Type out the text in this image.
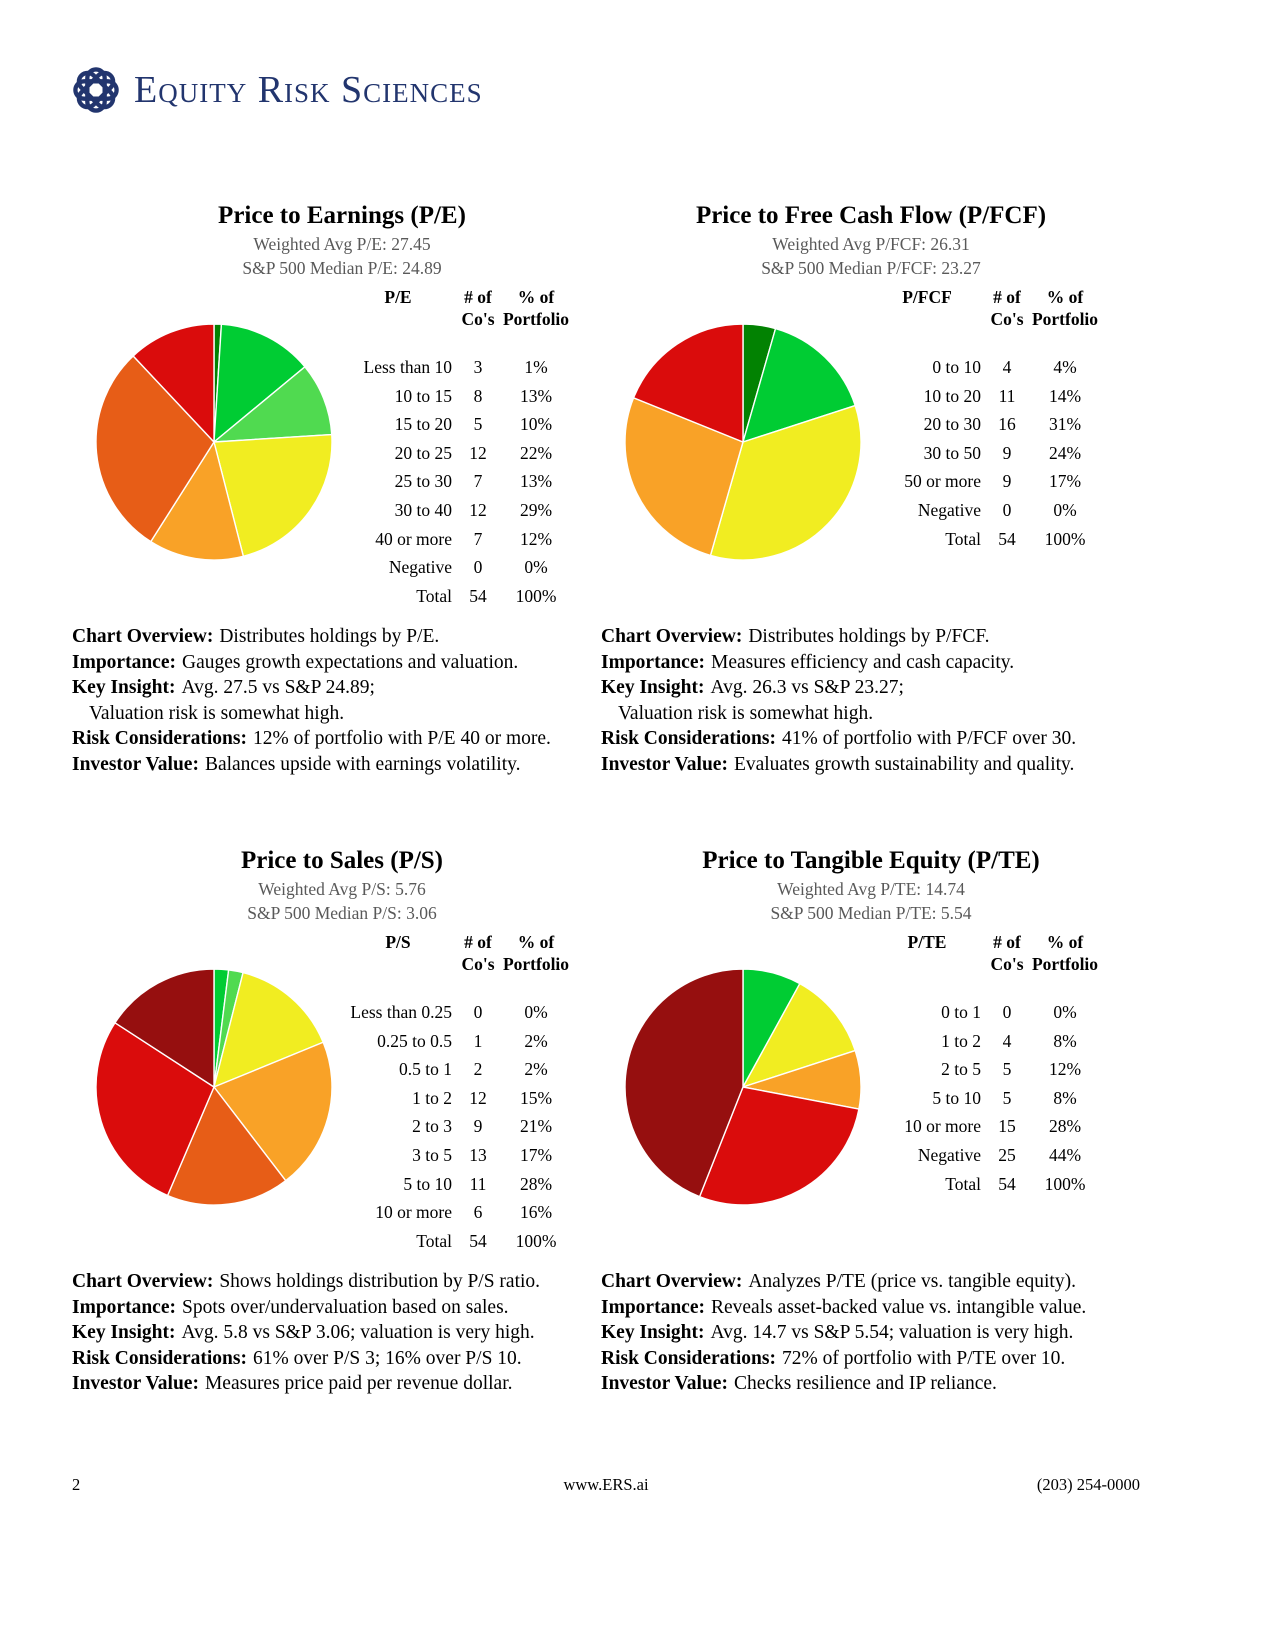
Equity Risk Sciences
Price to Earnings (P/E)
Weighted Avg P/E: 27.45
S&P 500 Median P/E: 24.89
P/E	# of	% of
Co's Portfolio
Less than 10	3	1%
10 to 15	8	13%
15 to 20	5	10%
20 to 25 12	22%
25 to 30	7	13%
30 to 40 12	29%
40 or more	7	12%
Negative	0	0%
Total 54	100%
Chart Overview: Distributes holdings by P/E.
Importance: Gauges growth expectations and valuation.
Key Insight: Avg. 27.5 vs S&P 24.89;
Valuation risk is somewhat high.
Risk Considerations: 12% of portfolio with P/E 40 or more.
Investor Value: Balances upside with earnings volatility.
Price to Free Cash Flow (P/FCF)
Weighted Avg P/FCF: 26.31
S&P 500 Median P/FCF: 23.27
P/FCF	# of	% of
Co's Portfolio
0 to 10	4	4%
10 to 20	11	14%
20 to 30 16	31%
30 to 50	9	24%
50 or more	9	17%
Negative	0	0%
Total 54	100%
Chart Overview: Distributes holdings by P/FCF.
Importance: Measures efficiency and cash capacity.
Key Insight: Avg. 26.3 vs S&P 23.27;
Valuation risk is somewhat high.
Risk Considerations: 41% of portfolio with P/FCF over 30.
Investor Value: Evaluates growth sustainability and quality.
Price to Sales (P/S)
Weighted Avg P/S: 5.76
S&P 500 Median P/S: 3.06
P/S	# of	% of
Co's Portfolio
Less than 0.25	0	0%
0.25 to 0.5	1	2%
0.5 to 1	2	2%
1 to 2 12	15%
2 to 3	9	21%
3 to 5 13	17%
5 to 10	11	28%
10 or more	6	16%
Total 54	100%
Chart Overview: Shows holdings distribution by P/S ratio.
Importance: Spots over/undervaluation based on sales.
Key Insight: Avg. 5.8 vs S&P 3.06; valuation is very high.
Risk Considerations: 61% over P/S 3; 16% over P/S 10.
Investor Value: Measures price paid per revenue dollar.
Price to Tangible Equity (P/TE)
Weighted Avg P/TE: 14.74
S&P 500 Median P/TE: 5.54
P/TE	# of	% of
Co's Portfolio
0 to 1	0	0%
1 to 2	4	8%
2 to 5	5	12%
5 to 10	5	8%
10 or more 15	28%
Negative 25	44%
Total 54	100%
Chart Overview: Analyzes P/TE (price vs. tangible equity).
Importance: Reveals asset-backed value vs. intangible value.
Key Insight: Avg. 14.7 vs S&P 5.54; valuation is very high.
Risk Considerations: 72% of portfolio with P/TE over 10.
Investor Value: Checks resilience and IP reliance.
2	www.ERS.ai	(203) 254-0000
